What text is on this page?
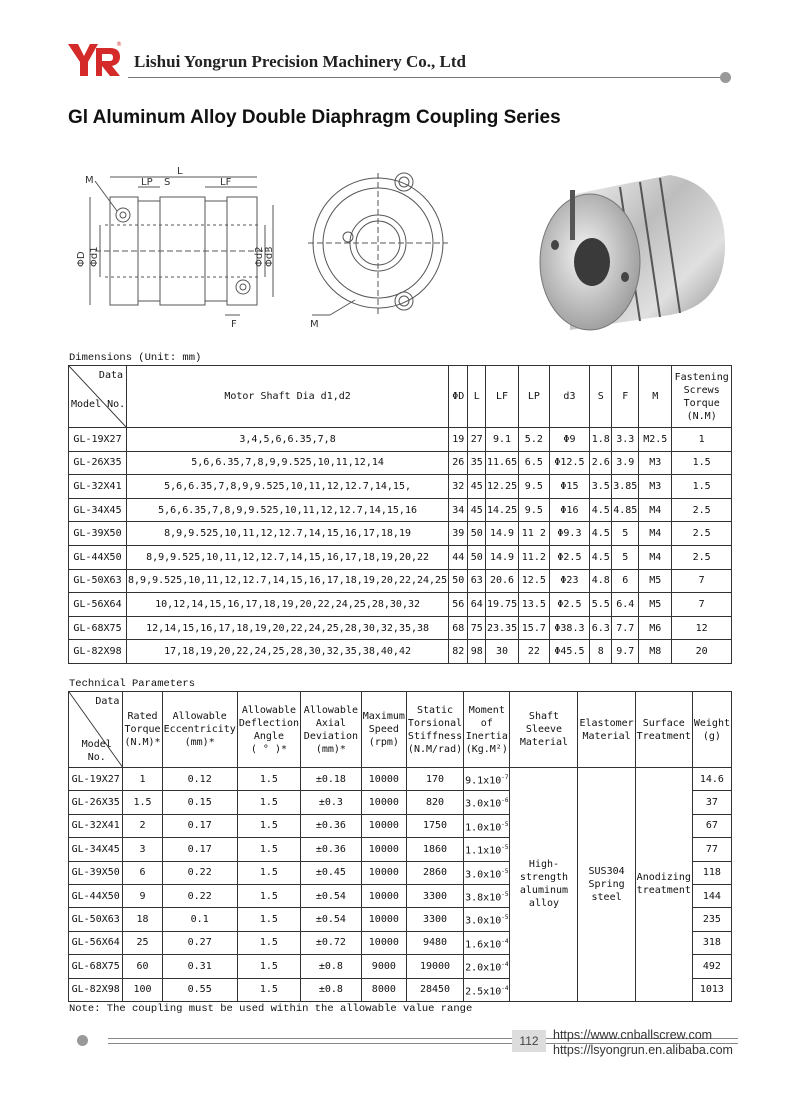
®
Lishui Yongrun Precision Machinery Co., Ltd
Gl Aluminum Alloy Double Diaphragm Coupling Series
L
LP S	LF
M
ΦD Φd1	Φd2 Φd3
F	M
Dimensions (Unit: mm)
Data
Model No.	Motor Shaft Dia d1,d2	ΦD	L	LF	LP	d3	S	F	M	Fastening Screws Torque (N.M)
GL-19X27	3,4,5,6,6.35,7,8	19	27	9.1	5.2	Φ9	1.8	3.3	M2.5	1
GL-26X35	5,6,6.35,7,8,9,9.525,10,11,12,14	26	35	11.65	6.5	Φ12.5	2.6	3.9	M3	1.5
GL-32X41	5,6,6.35,7,8,9,9.525,10,11,12,12.7,14,15,	32	45	12.25	9.5	Φ15	3.5	3.85	M3	1.5
GL-34X45	5,6,6.35,7,8,9,9.525,10,11,12,12.7,14,15,16	34	45	14.25	9.5	Φ16	4.5	4.85	M4	2.5
GL-39X50	8,9,9.525,10,11,12,12.7,14,15,16,17,18,19	39	50	14.9	11 2	Φ9.3	4.5	5	M4	2.5
GL-44X50	8,9,9.525,10,11,12,12.7,14,15,16,17,18,19,20,22	44	50	14.9	11.2	Φ2.5	4.5	5	M4	2.5
GL-50X63	8,9,9.525,10,11,12,12.7,14,15,16,17,18,19,20,22,24,25	50	63	20.6	12.5	Φ23	4.8	6	M5	7
GL-56X64	10,12,14,15,16,17,18,19,20,22,24,25,28,30,32	56	64	19.75	13.5	Φ2.5	5.5	6.4	M5	7
GL-68X75	12,14,15,16,17,18,19,20,22,24,25,28,30,32,35,38	68	75	23.35	15.7	Φ38.3	6.3	7.7	M6	12
GL-82X98	17,18,19,20,22,24,25,28,30,32,35,38,40,42	82	98	30	22	Φ45.5	8	9.7	M8	20
Technical Parameters
Data
Model No.	Rated
Torque
(N.M)*	Allowable
Eccentricity
(mm)*	Allowable
Deflection
Angle
( ° )*	Allowable
Axial
Deviation
(mm)*	Maximum
Speed
(rpm)	Static
Torsional
Stiffness
(N.M/rad)	Moment
of
Inertia
(Kg.M²)	Shaft Sleeve
Material	Elastomer
Material	Surface
Treatment	Weight
(g)
GL-19X27	1	0.12	1.5	±0.18	10000	170	$9.1x10^{-7}$	High-strength
aluminum
alloy	SUS304
Spring
steel	Anodizing
treatment	14.6
GL-26X35	1.5	0.15	1.5	±0.3	10000	820	$3.0x10^{-6}$				37
GL-32X41	2	0.17	1.5	±0.36	10000	1750	$1.0x10^{-5}$				67
GL-34X45	3	0.17	1.5	±0.36	10000	1860	$1.1x10^{-5}$				77
GL-39X50	6	0.22	1.5	±0.45	10000	2860	$3.0x10^{-5}$				118
GL-44X50	9	0.22	1.5	±0.54	10000	3300	$3.8x10^{-5}$				144
GL-50X63	18	0.1	1.5	±0.54	10000	3300	$3.0x10^{-5}$				235
GL-56X64	25	0.27	1.5	±0.72	10000	9480	$1.6x10^{-4}$				318
GL-68X75	60	0.31	1.5	±0.8	9000	19000	$2.0x10^{-4}$				492
GL-82X98	100	0.55	1.5	±0.8	8000	28450	$2.5x10^{-4}$				1013
Note: The coupling must be used within the allowable value range
112	https://www.cnballscrew.com
https://lsyongrun.en.alibaba.com
